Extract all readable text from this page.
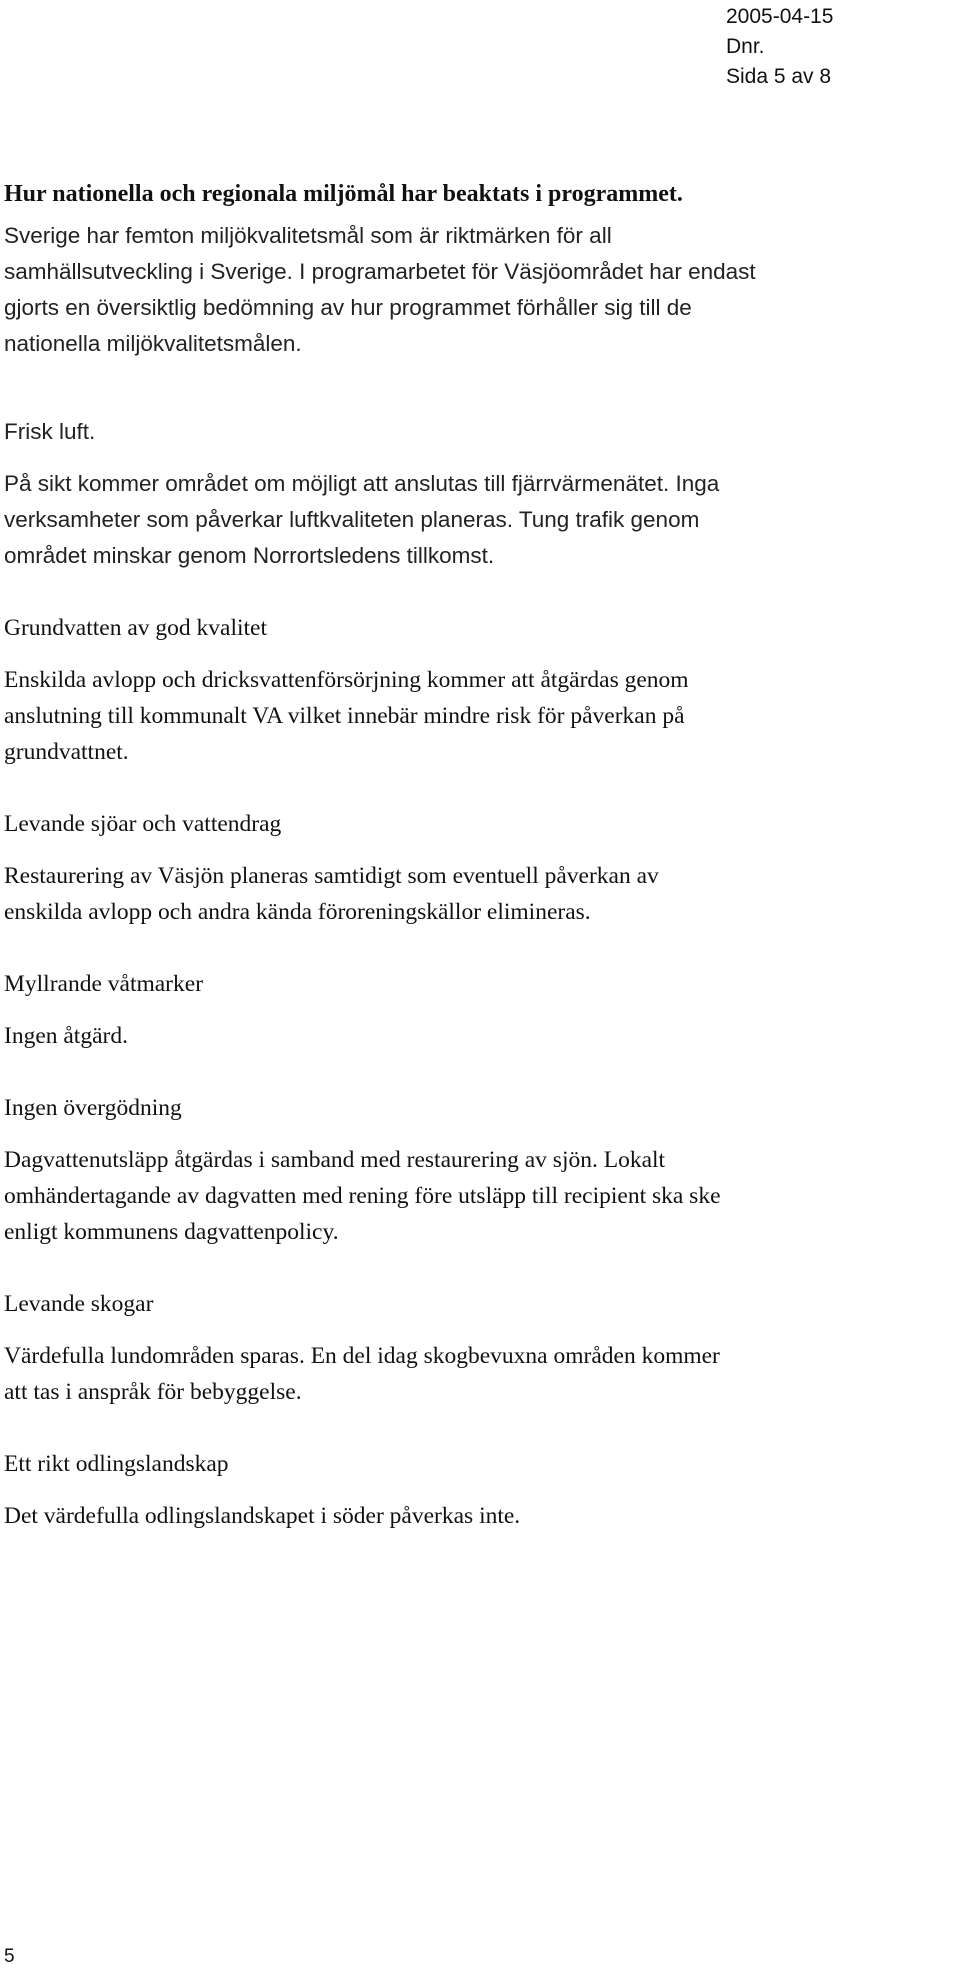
2005-04-15
Dnr.
Sida 5 av 8

Hur nationella och regionala miljömål har beaktats i programmet.

Sverige har femton miljökvalitetsmål som är riktmärken för all

samhällsutveckling i Sverige. I programarbetet för Väsjöområdet har endast

gjorts en översiktlig bedömning av hur programmet förhåller sig till de

nationella miljökvalitetsmålen.

Frisk luft.

På sikt kommer området om möjligt att anslutas till fjärrvärmenätet. Inga

verksamheter som påverkar luftkvaliteten planeras. Tung trafik genom

området minskar genom Norrortsledens tillkomst.

Grundvatten av god kvalitet

Enskilda avlopp och dricksvattenförsörjning kommer att åtgärdas genom

anslutning till kommunalt VA vilket innebär mindre risk för påverkan på

grundvattnet.

Levande sjöar och vattendrag

Restaurering av Väsjön planeras samtidigt som eventuell påverkan av

enskilda avlopp och andra kända föroreningskällor elimineras.

Myllrande våtmarker

Ingen åtgärd.

Ingen övergödning

Dagvattenutsläpp åtgärdas i samband med restaurering av sjön. Lokalt

omhändertagande av dagvatten med rening före utsläpp till recipient ska ske

enligt kommunens dagvattenpolicy.

Levande skogar

Värdefulla lundområden sparas. En del idag skogbevuxna områden kommer

att tas i anspråk för bebyggelse.

Ett rikt odlingslandskap

Det värdefulla odlingslandskapet i söder påverkas inte.

5
